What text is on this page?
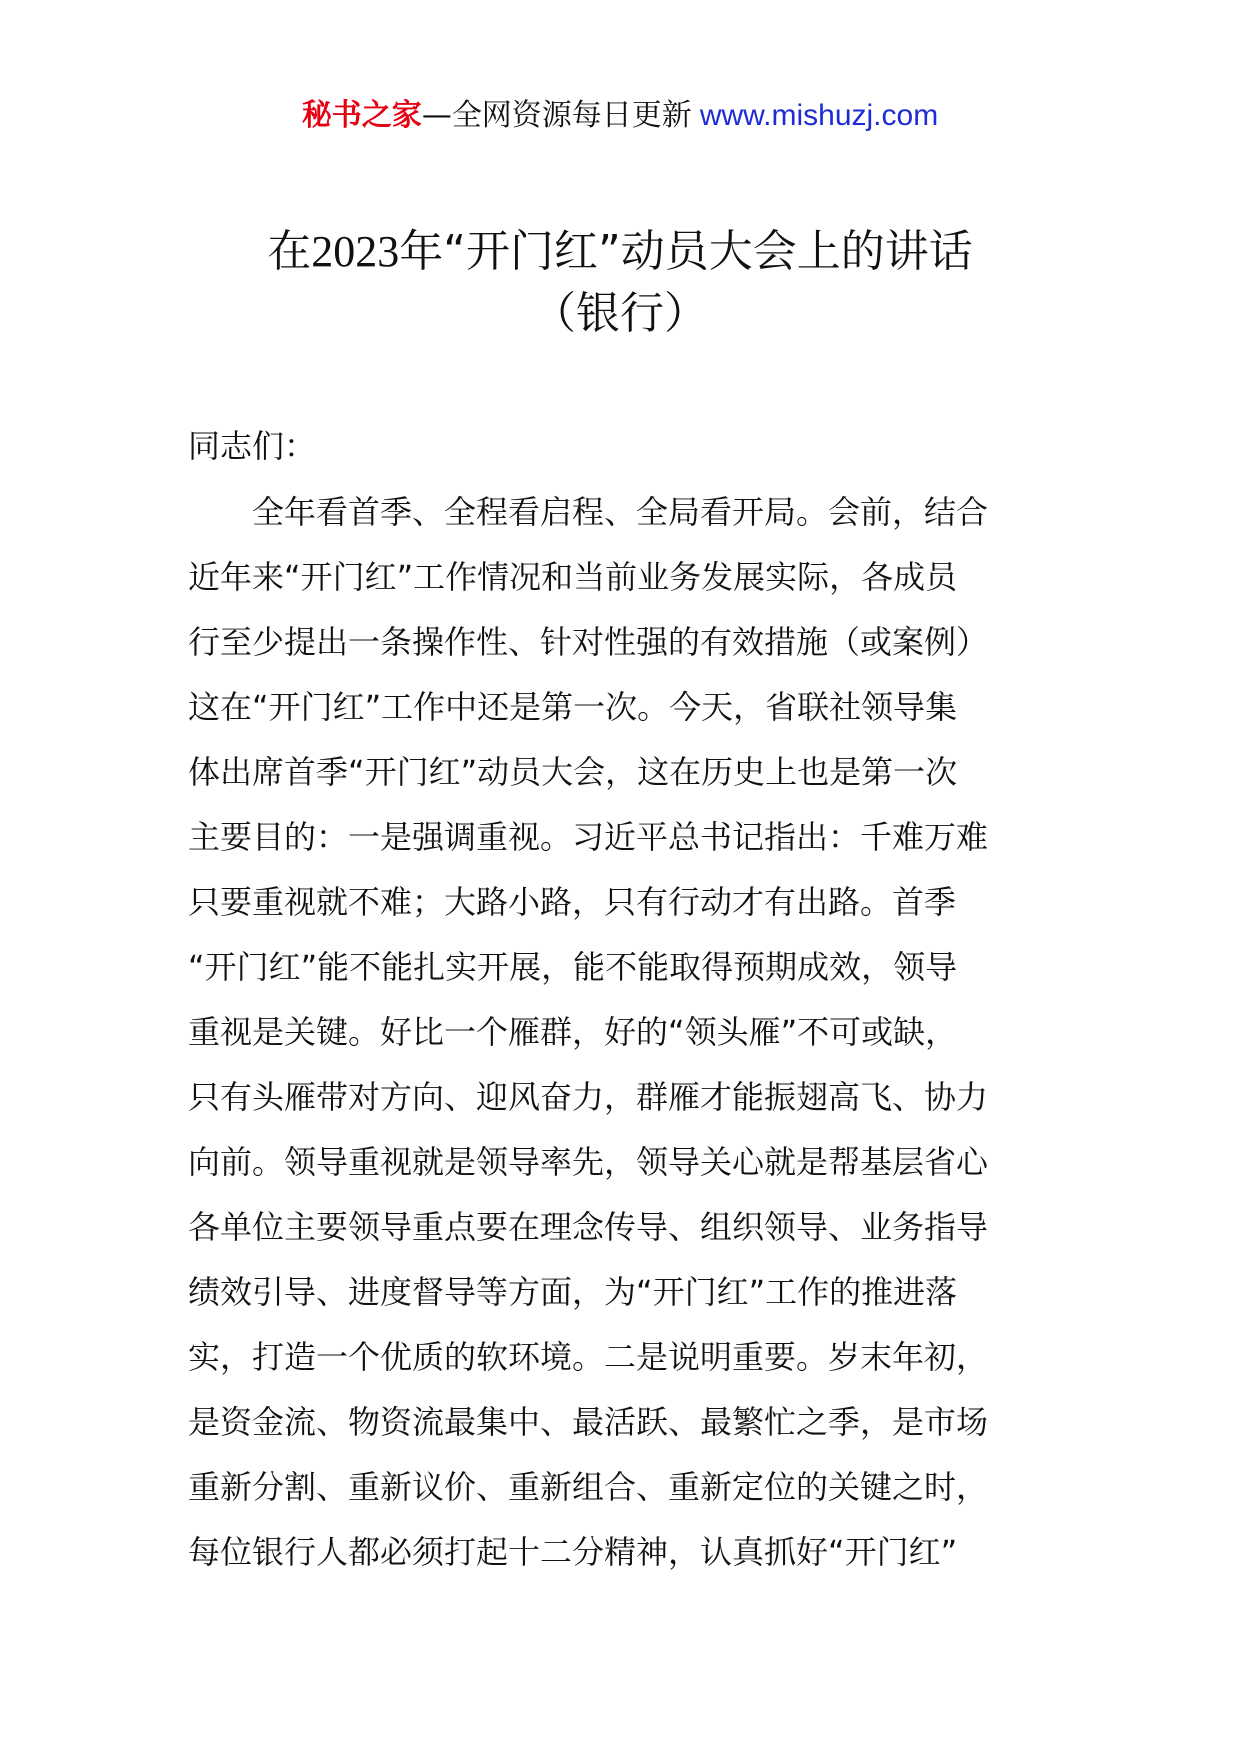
秘书之家—全网资源每日更新 www.mishuzj.com
在2023年“开门红”动员大会上的讲话
（银行）
同志们：
全年看首季、全程看启程、全局看开局。会前，结合
近年来“开门红”工作情况和当前业务发展实际，各成员
行至少提出一条操作性、针对性强的有效措施（或案例）
这在“开门红”工作中还是第一次。今天，省联社领导集
体出席首季“开门红”动员大会，这在历史上也是第一次
主要目的：一是强调重视。习近平总书记指出：千难万难
只要重视就不难；大路小路，只有行动才有出路。首季
“开门红”能不能扎实开展，能不能取得预期成效，领导
重视是关键。好比一个雁群，好的“领头雁”不可或缺，
只有头雁带对方向、迎风奋力，群雁才能振翅高飞、协力
向前。领导重视就是领导率先，领导关心就是帮基层省心
各单位主要领导重点要在理念传导、组织领导、业务指导
绩效引导、进度督导等方面，为“开门红”工作的推进落
实，打造一个优质的软环境。二是说明重要。岁末年初，
是资金流、物资流最集中、最活跃、最繁忙之季，是市场
重新分割、重新议价、重新组合、重新定位的关键之时，
每位银行人都必须打起十二分精神，认真抓好“开门红”
